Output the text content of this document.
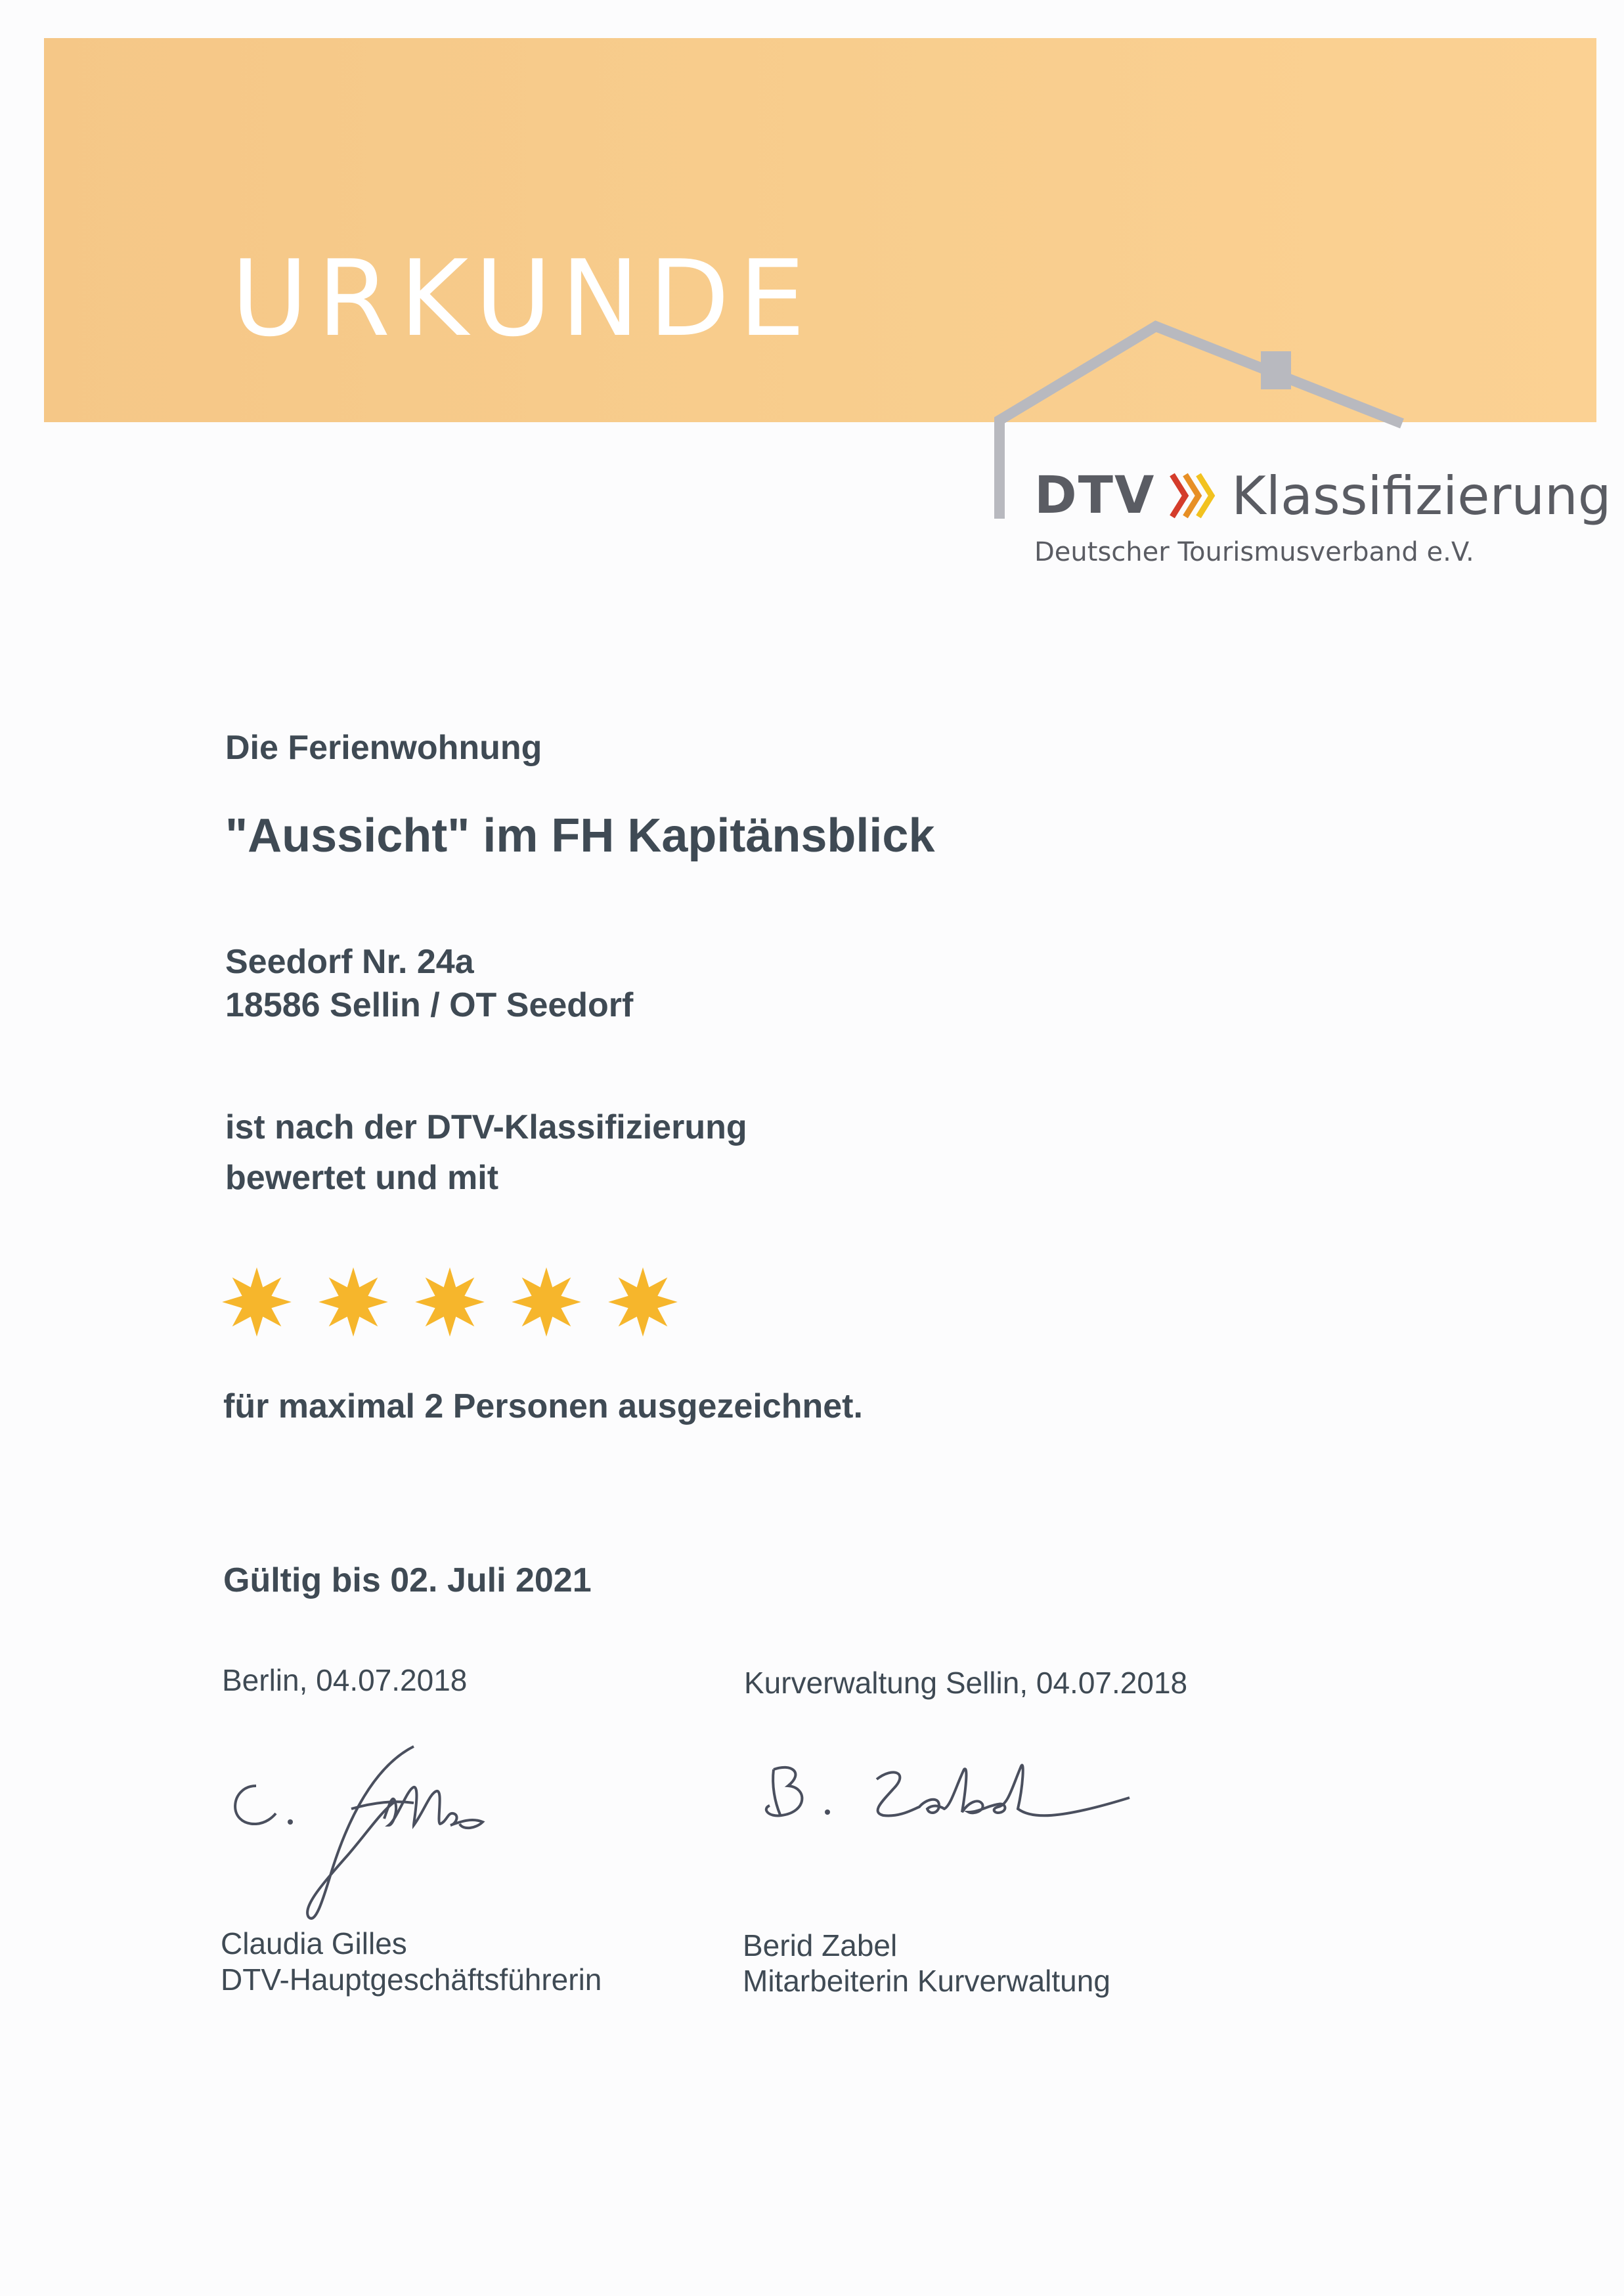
URKUNDE
DTV Klassifizierung
Deutscher Tourismusverband e.V.
Die Ferienwohnung
"Aussicht" im FH Kapitänsblick
Seedorf Nr. 24a
18586 Sellin / OT Seedorf
ist nach der DTV-Klassifizierung
bewertet und mit
für maximal 2 Personen ausgezeichnet.
Gültig bis 02. Juli 2021
Berlin, 04.07.2018	Kurverwaltung Sellin, 04.07.2018
Claudia Gilles
DTV-Hauptgeschäftsführerin
Berid Zabel
Mitarbeiterin Kurverwaltung
